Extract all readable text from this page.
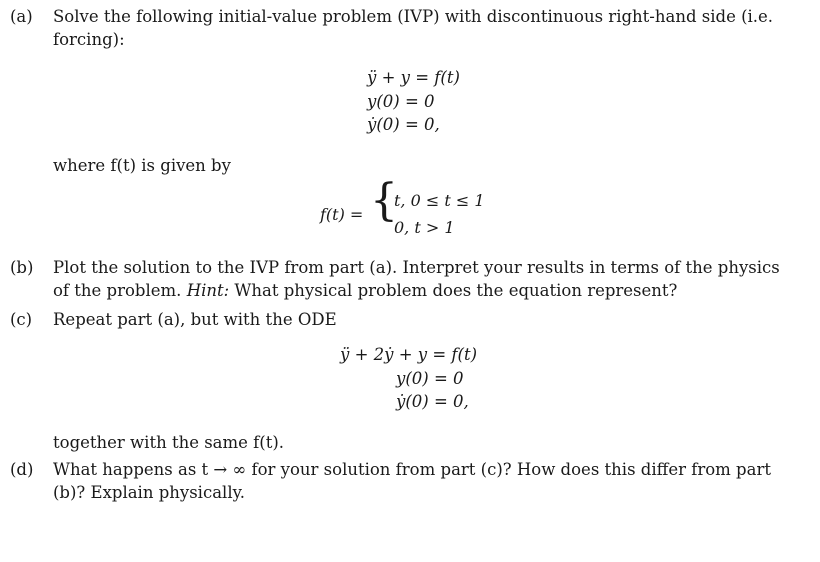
(a) Solve the following initial-value problem (IVP) with discontinuous right-hand side (i.e.
forcing):
ÿ + y = f(t)
y(0) = 0
ẏ(0) = 0,
where f(t) is given by
f(t) = {
t, 0 ≤ t ≤ 1
0, t > 1
(b) Plot the solution to the IVP from part (a). Interpret your results in terms of the physics
of the problem. Hint: What physical problem does the equation represent?
(c) Repeat part (a), but with the ODE
ÿ + 2ẏ + y = f(t)
y(0) = 0
ẏ(0) = 0,
together with the same f(t).
(d) What happens as t → ∞ for your solution from part (c)? How does this differ from part
(b)? Explain physically.
